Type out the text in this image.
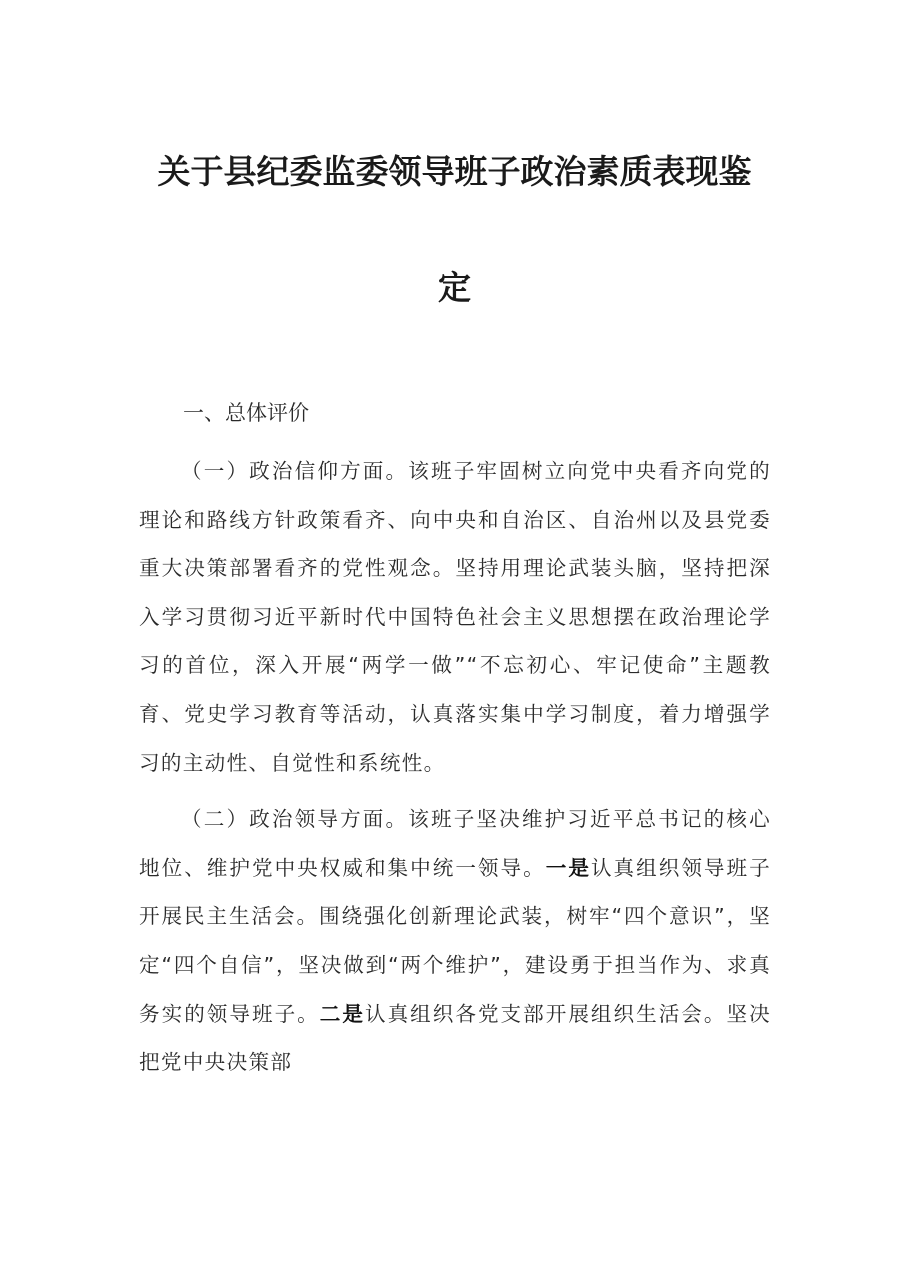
关于县纪委监委领导班子政治素质表现鉴
定

一、总体评价

（一）政治信仰方面。该班子牢固树立向党中央看齐向党的理论和路线方针政策看齐、向中央和自治区、自治州以及县党委重大决策部署看齐的党性观念。坚持用理论武装头脑，坚持把深入学习贯彻习近平新时代中国特色社会主义思想摆在政治理论学习的首位，深入开展“两学一做”“不忘初心、牢记使命”主题教育、党史学习教育等活动，认真落实集中学习制度，着力增强学习的主动性、自觉性和系统性。

（二）政治领导方面。该班子坚决维护习近平总书记的核心地位、维护党中央权威和集中统一领导。一是认真组织领导班子开展民主生活会。围绕强化创新理论武装，树牢“四个意识”，坚定“四个自信”，坚决做到“两个维护”，建设勇于担当作为、求真务实的领导班子。二是认真组织各党支部开展组织生活会。坚决把党中央决策部
